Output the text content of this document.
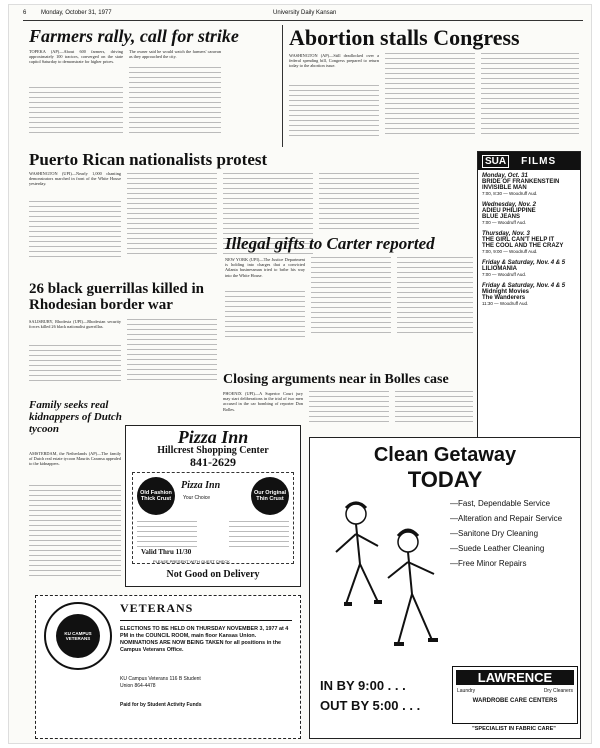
6 Monday, October 31, 1977	University Daily Kansan
Farmers rally, call for strike
TOPEKA (AP)—About 600 farmers, driving approximately 100 tractors, converged on the state capitol Saturday to demonstrate for higher prices.
The owner said he would watch the farmers' caravan as they approached the city.
Abortion stalls Congress
WASHINGTON (AP)—Still deadlocked over a federal spending bill, Congress prepared to return today to the abortion issue.
Puerto Rican nationalists protest
WASHINGTON (UPI)—Nearly 1,000 chanting demonstrators marched in front of the White House yesterday.
SUA	FILMS
Monday, Oct. 31
BRIDE OF FRANKENSTEIN
INVISIBLE MAN
7:00, 8:30 — Woodruff Aud.
Wednesday, Nov. 2
ADIEU PHILIPPINE
BLUE JEANS
7:00 — Woodruff Aud.
Thursday, Nov. 3
THE GIRL CAN'T HELP IT
THE COOL AND THE CRAZY
7:00, 9:00 — Woodruff Aud.
Friday & Saturday, Nov. 4 & 5
LILIOMANIA
7:00 — Woodruff Aud.
Friday & Saturday, Nov. 4 & 5
Midnight Movies
The Wanderers
11:30 — Woodruff Aud.
26 black guerrillas killed in Rhodesian border war
SALISBURY, Rhodesia (UPI)—Rhodesian security forces killed 26 black nationalist guerrillas.
Illegal gifts to Carter reported
NEW YORK (UPI)—The Justice Department is holding into charges that a convicted Atlanta businessman tried to bribe his way into the White House.
Family seeks real kidnappers of Dutch tycoon
AMSTERDAM, the Netherlands (AP)—The family of Dutch real estate tycoon Maurits Caransa appealed to the kidnappers.
Closing arguments near in Bolles case
PHOENIX (UPI)—A Superior Court jury may start deliberations in the trial of two men accused in the car bombing of reporter Don Bolles.
Pizza Inn
Hillcrest Shopping Center
841-2629
Old Fashion Thick Crust
Our Original Thin Crust
Pizza Inn
Your Choice
Valid Thru 11/30
PLEASE PRESENT WITH GUEST CHECK
Not Good on Delivery
Clean Getaway
TODAY
—Fast, Dependable Service
—Alteration and Repair Service
—Sanitone Dry Cleaning
—Suede Leather Cleaning
—Free Minor Repairs
IN BY 9:00 . . .
OUT BY 5:00 . . .
LAWRENCE
Laundry	Dry Cleaners
WARDROBE CARE CENTERS
"SPECIALIST IN FABRIC CARE"
KU CAMPUS VETERANS
VETERANS
ELECTIONS TO BE HELD ON THURSDAY NOVEMBER 3, 1977 at 4 PM in the COUNCIL ROOM, main floor Kansas Union. NOMINATIONS ARE NOW BEING TAKEN for all positions in the Campus Veterans Office.
KU Campus Veterans 116 B Student Union 864-4478
Paid for by Student Activity Funds
